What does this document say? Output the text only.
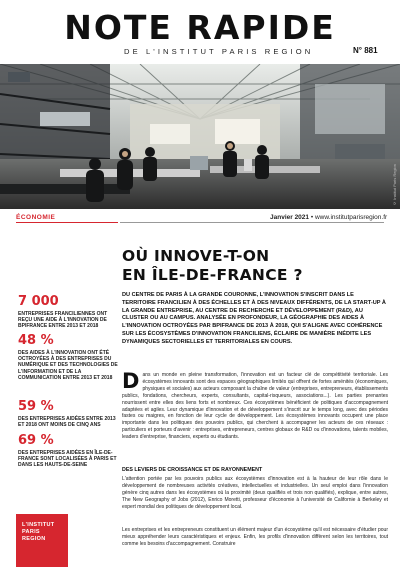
NOTE RAPIDE
DE L'INSTITUT PARIS REGION	N° 881
© Institut Paris Region
ÉCONOMIE	Janvier 2021 • www.institutparisregion.fr
OÙ INNOVE-T-ON
EN ÎLE-DE-FRANCE ?
7 000
ENTREPRISES FRANCILIENNES ONT REÇU UNE AIDE À L'INNOVATION DE BPIFRANCE ENTRE 2013 ET 2018
48 %
DES AIDES À L'INNOVATION ONT ÉTÉ OCTROYÉES À DES ENTREPRISES DU NUMÉRIQUE ET DES TECHNOLOGIES DE L'INFORMATION ET DE LA COMMUNICATION ENTRE 2013 ET 2018
59 %
DES ENTREPRISES AIDÉES ENTRE 2013 ET 2018 ONT MOINS DE CINQ ANS
69 %
DES ENTREPRISES AIDÉES EN ÎLE-DE-FRANCE SONT LOCALISÉES À PARIS ET DANS LES HAUTS-DE-SEINE
DU CENTRE DE PARIS À LA GRANDE COURONNE, L'INNOVATION S'INSCRIT DANS LE TERRITOIRE FRANCILIEN À DES ÉCHELLES ET À DES NIVEAUX DIFFÉRENTS, DE LA START-UP À LA GRANDE ENTREPRISE, AU CENTRE DE RECHERCHE ET DÉVELOPPEMENT (R&D), AU CLUSTER OU AU CAMPUS. ANALYSÉE EN PROFONDEUR, LA GÉOGRAPHIE DES AIDES À L'INNOVATION OCTROYÉES PAR BPIFRANCE DE 2013 À 2018, QUI S'ALIGNE AVEC COHÉRENCE SUR LES ÉCOSYSTÈMES D'INNOVATION FRANCILIENS, ÉCLAIRE DE MANIÈRE INÉDITE LES DYNAMIQUES SECTORIELLES ET TERRITORIALES EN COURS.
D ans un monde en pleine transformation, l'innovation est un facteur clé de compétitivité territoriale. Les écosystèmes innovants sont des espaces géographiques limités qui offrent de fortes aménités (économiques, physiques et sociales) aux acteurs composant la chaîne de valeur (entreprises, entrepreneurs, établissements publics, fondations, chercheurs, experts, consultants, capital-risqueurs, associations...). Les parties prenantes nourrissent entre elles des liens forts et nombreux. Ces écosystèmes bénéficient de politiques d'accompagnement adaptées et agiles. Leur dynamique d'innovation et de développement s'inscrit sur le temps long, avec des périodes fastes ou maigres, en fonction de leur cycle de développement. Les écosystèmes innovants occupent une place importante dans les politiques des pouvoirs publics, qui cherchent à accompagner les acteurs de ces réseaux : particuliers et porteurs d'avenir : entreprises, entrepreneurs, centres globaux de R&D ou d'innovations, talents mobiles, leaders d'entreprise, financiers, experts ou étudiants.
DES LEVIERS DE CROISSANCE ET DE RAYONNEMENT
L'attention portée par les pouvoirs publics aux écosystèmes d'innovation est à la hauteur de leur rôle dans le développement de nombreuses activités créatives, intellectuelles et industrielles. Un seul emploi dans l'innovation génère cinq autres dans les écosystèmes où la proximité (deux qualifiés et trois non qualifiés), explique, entre autres, The New Geography of Jobs (2012), Enrico Moretti, professeur d'économie à l'université de Californie à Berkeley et expert mondial des politiques de développement local.
Les entreprises et les entrepreneurs constituent un élément majeur d'un écosystème qu'il est nécessaire d'étudier pour mieux appréhender leurs caractéristiques et enjeux. Enfin, les profils d'innovation diffèrent selon les territoires, tout comme les besoins d'accompagnement. Construire
L'INSTITUT
PARIS
REGION
